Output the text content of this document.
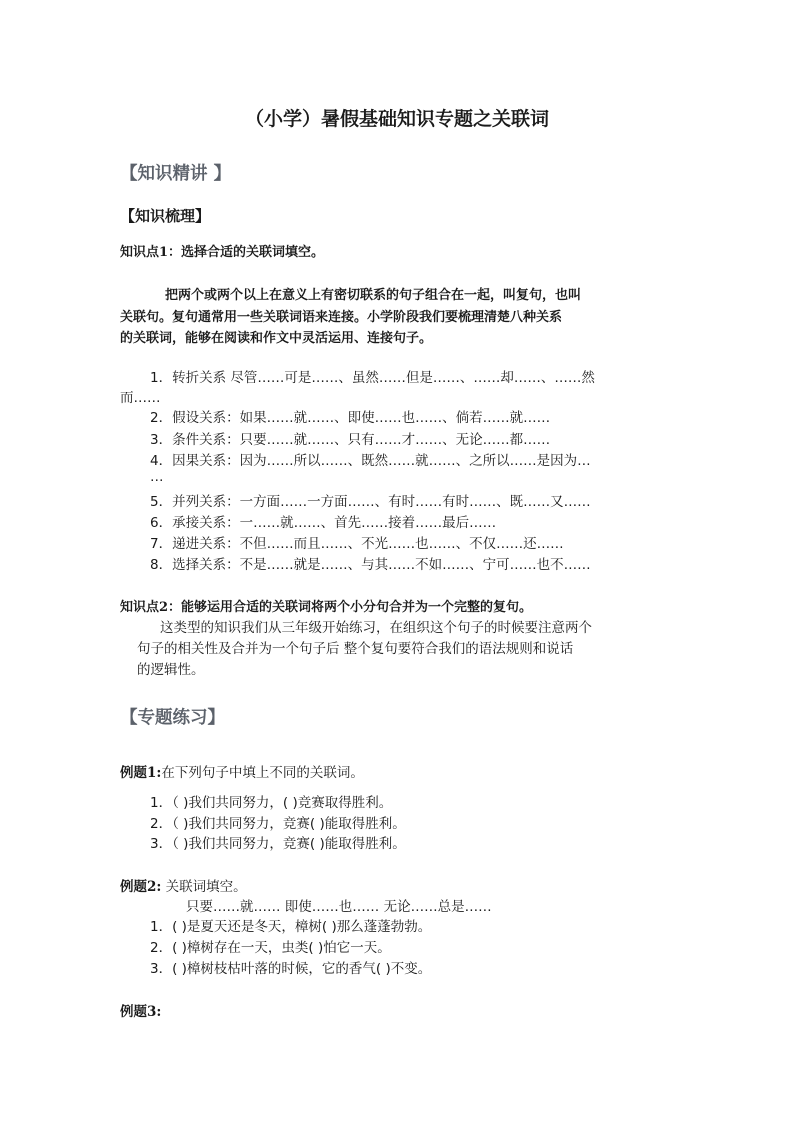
（小学）暑假基础知识专题之关联词
【知识精讲 】
【知识梳理】
知识点1：选择合适的关联词填空。
把两个或两个以上在意义上有密切联系的句子组合在一起，叫复句，也叫
关联句。复句通常用一些关联词语来连接。小学阶段我们要梳理清楚八种关系
的关联词，能够在阅读和作文中灵活运用、连接句子。
1．转折关系 尽管……可是……、虽然……但是……、……却……、……然
而……
2．假设关系：如果……就……、即使……也……、倘若……就……
3．条件关系：只要……就……、只有……才……、无论……都……
4．因果关系：因为……所以……、既然……就……、之所以……是因为…
…
5．并列关系：一方面……一方面……、有时……有时……、既……又……
6．承接关系：一……就……、首先……接着……最后……
7．递进关系：不但……而且……、不光……也……、不仅……还……
8．选择关系：不是……就是……、与其……不如……、宁可……也不……
知识点2：能够运用合适的关联词将两个小分句合并为一个完整的复句。
这类型的知识我们从三年级开始练习，在组织这个句子的时候要注意两个
句子的相关性及合并为一个句子后 整个复句要符合我们的语法规则和说话
的逻辑性。
【专题练习】
例题1:在下列句子中填上不同的关联词。
1．（ )我们共同努力，( )竞赛取得胜利。
2．（ )我们共同努力，竞赛( )能取得胜利。
3．（ )我们共同努力，竞赛( )能取得胜利。
例题2: 关联词填空。
只要……就…… 即使……也…… 无论……总是……
1．( )是夏天还是冬天，樟树( )那么蓬蓬勃勃。
2．( )樟树存在一天，虫类( )怕它一天。
3．( )樟树枝枯叶落的时候，它的香气( )不变。
例题3:
